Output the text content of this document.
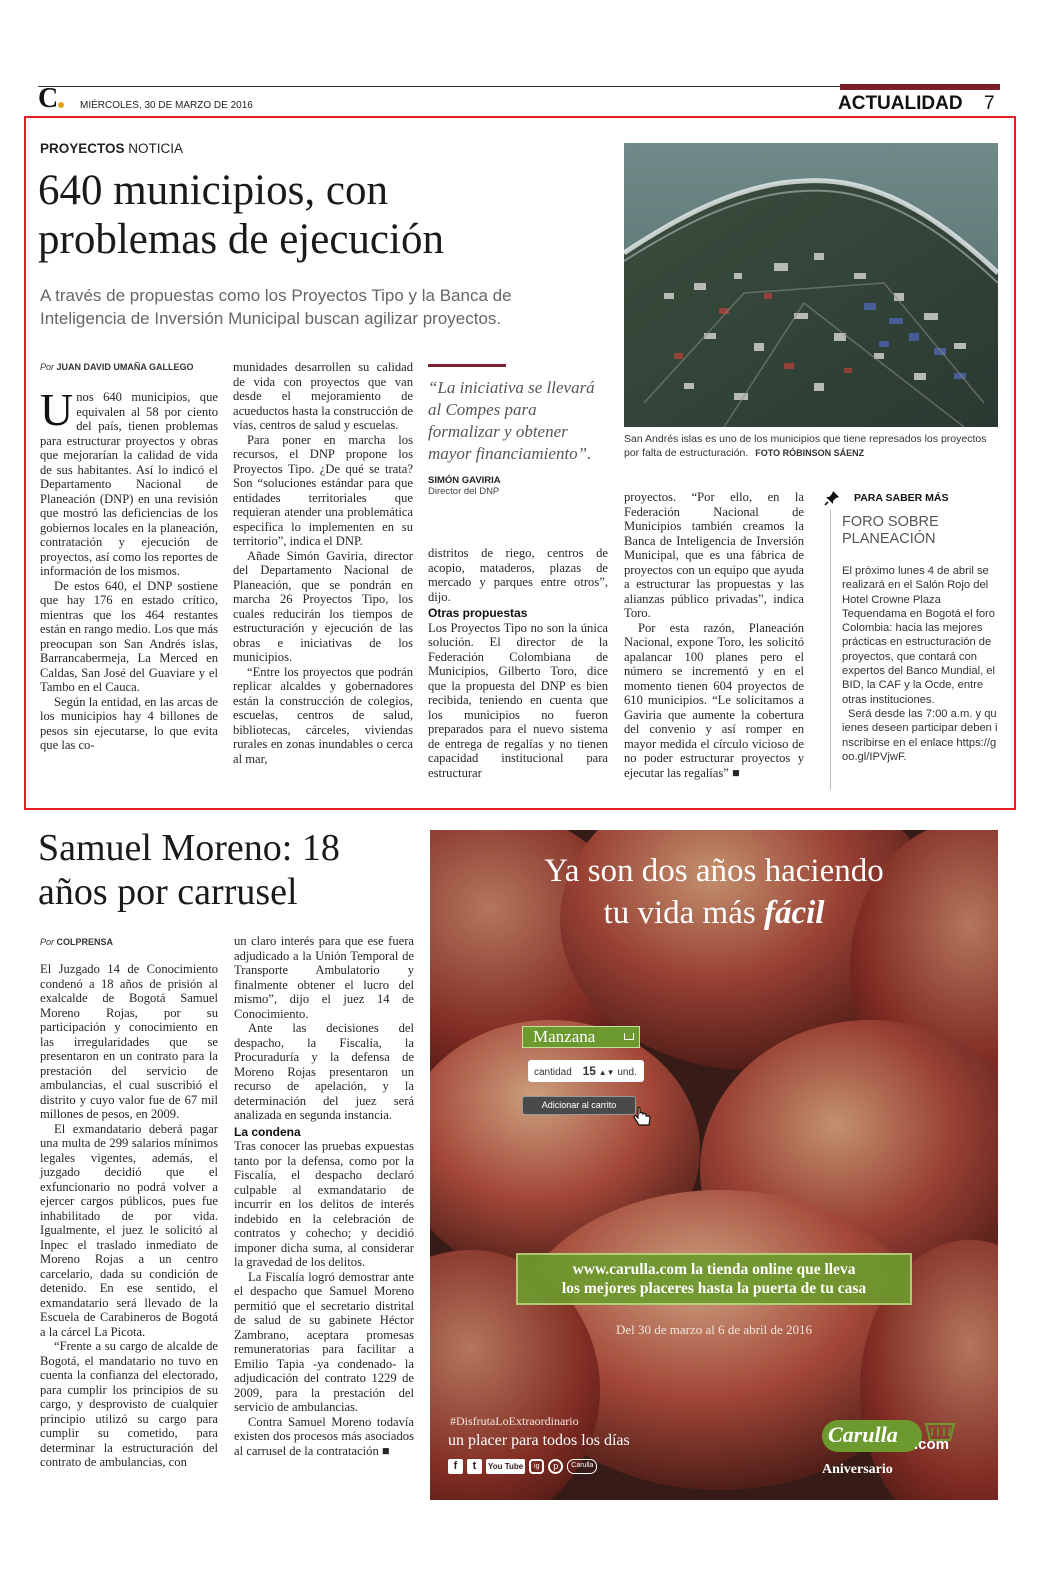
C MIÉRCOLES, 30 DE MARZO DE 2016	ACTUALIDAD 7
PROYECTOS NOTICIA
640 municipios, con
problemas de ejecución
A través de propuestas como los Proyectos Tipo y la Banca de
Inteligencia de Inversión Municipal buscan agilizar proyectos.
Por JUAN DAVID UMAÑA GALLEGO

Unos 640 municipios, que equivalen al 58 por ciento del país, tienen problemas para estructurar proyectos y obras que mejorarían la calidad de vida de sus habitantes. Así lo indicó el Departamento Nacional de Planeación (DNP) en una revisión que mostró las deficiencias de los gobiernos locales en la planeación, contratación y ejecución de proyectos, así como los reportes de información de los mismos.

De estos 640, el DNP sostiene que hay 176 en estado crítico, mientras que los 464 restantes están en rango medio. Los que más preocupan son San Andrés islas, Barrancabermeja, La Merced en Caldas, San José del Guaviare y el Tambo en el Cauca.

Según la entidad, en las arcas de los municipios hay 4 billones de pesos sin ejecutarse, lo que evita que las co-

munidades desarrollen su calidad de vida con proyectos que van desde el mejoramiento de acueductos hasta la construcción de vías, centros de salud y escuelas.

Para poner en marcha los recursos, el DNP propone los Proyectos Tipo. ¿De qué se trata? Son “soluciones estándar para que entidades territoriales que requieran atender una problemática especifica lo implementen en su territorio”, indica el DNP.

Añade Simón Gaviria, director del Departamento Nacional de Planeación, que se pondrán en marcha 26 Proyectos Tipo, los cuales reducirán los tiempos de estructuración y ejecución de las obras e iniciativas de los municipios.

“Entre los proyectos que podrán replicar alcaldes y gobernadores están la construcción de colegios, escuelas, centros de salud, bibliotecas, cárceles, viviendas rurales en zonas inundables o cerca al mar,

“La iniciativa se llevará al Compes para formalizar y obtener mayor financiamiento”.
SIMÓN GAVIRIA
Director del DNP

distritos de riego, centros de acopio, mataderos, plazas de mercado y parques entre otros”, dijo.

Otras propuestas

Los Proyectos Tipo no son la única solución. El director de la Federación Colombiana de Municipios, Gilberto Toro, dice que la propuesta del DNP es bien recibida, teniendo en cuenta que los municipios no fueron preparados para el nuevo sistema de entrega de regalías y no tienen capacidad institucional para estructurar

San Andrés islas es uno de los municipios que tiene represados los proyectos por falta de estructuración. FOTO RÓBINSON SÁENZ

proyectos. “Por ello, en la Federación Nacional de Municipios también creamos la Banca de Inteligencia de Inversión Municipal, que es una fábrica de proyectos con un equipo que ayuda a estructurar las propuestas y las alianzas público privadas”, indica Toro.

Por esta razón, Planeación Nacional, expone Toro, les solicitó apalancar 100 planes pero el número se incrementó y en el momento tienen 604 proyectos de 610 municipios. “Le solicitamos a Gaviria que aumente la cobertura del convenio y así romper en mayor medida el círculo vicioso de no poder estructurar proyectos y ejecutar las regalías” ■

PARA SABER MÁS
FORO SOBRE
PLANEACIÓN
El próximo lunes 4 de abril se realizará en el Salón Rojo del Hotel Crowne Plaza Tequendama en Bogotá el foro Colombia: hacia las mejores prácticas en estructuración de proyectos, que contará con expertos del Banco Mundial, el BID, la CAF y la Ocde, entre otras instituciones.
Será desde las 7:00 a.m. y quienes deseen participar deben inscribirse en el enlace https://goo.gl/IPVjwF.
Samuel Moreno: 18
años por carrusel
Por COLPRENSA

El Juzgado 14 de Conocimiento condenó a 18 años de prisión al exalcalde de Bogotá Samuel Moreno Rojas, por su participación y conocimiento en las irregularidades que se presentaron en un contrato para la prestación del servicio de ambulancias, el cual suscribió el distrito y cuyo valor fue de 67 mil millones de pesos, en 2009.

El exmandatario deberá pagar una multa de 299 salarios mínimos legales vigentes, además, el juzgado decidió que el exfuncionario no podrá volver a ejercer cargos públicos, pues fue inhabilitado de por vida. Igualmente, el juez le solicitó al Inpec el traslado inmediato de Moreno Rojas a un centro carcelario, dada su condición de detenido. En ese sentido, el exmandatario será llevado de la Escuela de Carabineros de Bogotá a la cárcel La Picota.

“Frente a su cargo de alcalde de Bogotá, el mandatario no tuvo en cuenta la confianza del electorado, para cumplir los principios de su cargo, y desprovisto de cualquier principio utilizó su cargo para cumplir su cometido, para determinar la estructuración del contrato de ambulancias, con

un claro interés para que ese fuera adjudicado a la Unión Temporal de Transporte Ambulatorio y finalmente obtener el lucro del mismo”, dijo el juez 14 de Conocimiento.

Ante las decisiones del despacho, la Fiscalía, la Procuraduría y la defensa de Moreno Rojas presentaron un recurso de apelación, y la determinación del juez será analizada en segunda instancia.

La condena

Tras conocer las pruebas expuestas tanto por la defensa, como por la Fiscalía, el despacho declaró culpable al exmandatario de incurrir en los delitos de interés indebido en la celebración de contratos y cohecho; y decidió imponer dicha suma, al considerar la gravedad de los delitos.

La Fiscalía logró demostrar ante el despacho que Samuel Moreno permitió que el secretario distrital de salud de su gabinete Héctor Zambrano, aceptara promesas remuneratorias para facilitar a Emilio Tapia -ya condenado- la adjudicación del contrato 1229 de 2009, para la prestación del servicio de ambulancias.

Contra Samuel Moreno todavía existen dos procesos más asociados al carrusel de la contratación ■

Ya son dos años haciendo
tu vida más fácil
Manzana
cantidad 15 ▲▼ und.
Adicionar al carrito
www.carulla.com la tienda online que lleva
los mejores placeres hasta la puerta de tu casa
Del 30 de marzo al 6 de abril de 2016
#DisfrutaLoExtraordinario
un placer para todos los días
f	t	You Tube	ig	p	Carulla
Carulla .com
Aniversario
